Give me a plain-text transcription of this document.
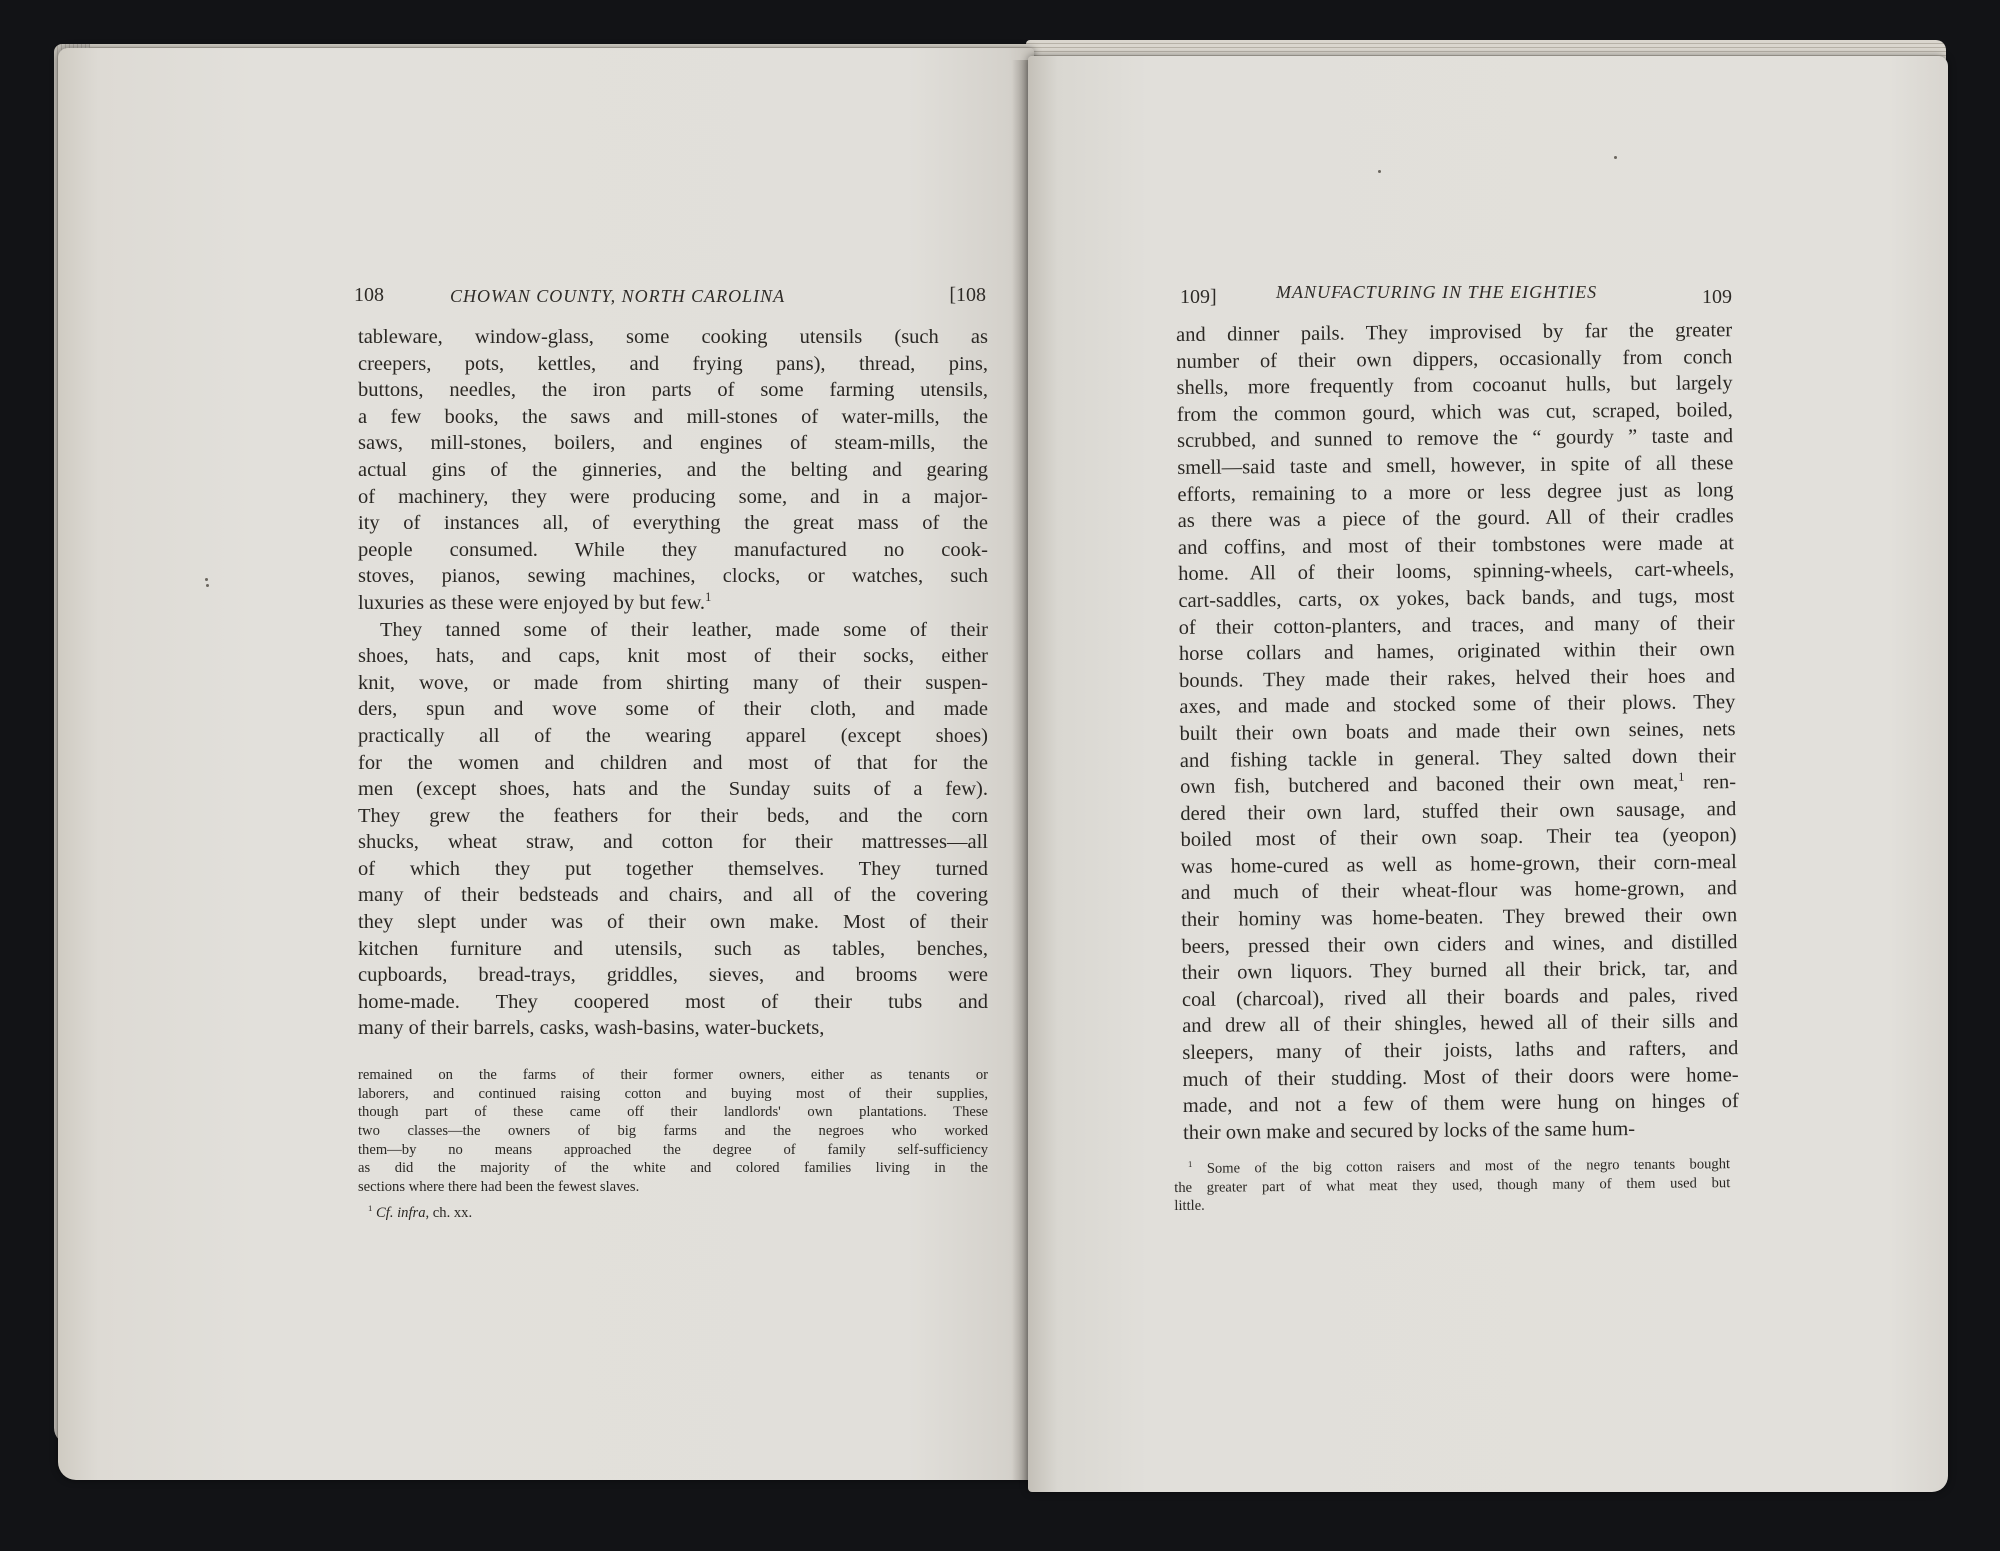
108	CHOWAN COUNTY, NORTH CAROLINA	[108
tableware, window-glass, some cooking utensils (such as
creepers, pots, kettles, and frying pans), thread, pins,
buttons, needles, the iron parts of some farming utensils,
a few books, the saws and mill-stones of water-mills, the
saws, mill-stones, boilers, and engines of steam-mills, the
actual gins of the ginneries, and the belting and gearing
of machinery, they were producing some, and in a major-
ity of instances all, of everything the great mass of the
people consumed. While they manufactured no cook-
stoves, pianos, sewing machines, clocks, or watches, such
luxuries as these were enjoyed by but few.$^1$
They tanned some of their leather, made some of their
shoes, hats, and caps, knit most of their socks, either
knit, wove, or made from shirting many of their suspen-
ders, spun and wove some of their cloth, and made
practically all of the wearing apparel (except shoes)
for the women and children and most of that for the
men (except shoes, hats and the Sunday suits of a few).
They grew the feathers for their beds, and the corn
shucks, wheat straw, and cotton for their mattresses—all
of which they put together themselves. They turned
many of their bedsteads and chairs, and all of the covering
they slept under was of their own make. Most of their
kitchen furniture and utensils, such as tables, benches,
cupboards, bread-trays, griddles, sieves, and brooms were
home-made. They coopered most of their tubs and
many of their barrels, casks, wash-basins, water-buckets,
remained on the farms of their former owners, either as tenants or
laborers, and continued raising cotton and buying most of their supplies,
though part of these came off their landlords' own plantations. These
two classes—the owners of big farms and the negroes who worked
them—by no means approached the degree of family self-sufficiency
as did the majority of the white and colored families living in the
sections where there had been the fewest slaves.
$^1$ Cf. infra, ch. xx.
109]	MANUFACTURING IN THE EIGHTIES	109
and dinner pails. They improvised by far the greater
number of their own dippers, occasionally from conch
shells, more frequently from cocoanut hulls, but largely
from the common gourd, which was cut, scraped, boiled,
scrubbed, and sunned to remove the “ gourdy ” taste and
smell—said taste and smell, however, in spite of all these
efforts, remaining to a more or less degree just as long
as there was a piece of the gourd. All of their cradles
and coffins, and most of their tombstones were made at
home. All of their looms, spinning-wheels, cart-wheels,
cart-saddles, carts, ox yokes, back bands, and tugs, most
of their cotton-planters, and traces, and many of their
horse collars and hames, originated within their own
bounds. They made their rakes, helved their hoes and
axes, and made and stocked some of their plows. They
built their own boats and made their own seines, nets
and fishing tackle in general. They salted down their
own fish, butchered and baconed their own meat,$^1$ ren-
dered their own lard, stuffed their own sausage, and
boiled most of their own soap. Their tea (yeopon)
was home-cured as well as home-grown, their corn-meal
and much of their wheat-flour was home-grown, and
their hominy was home-beaten. They brewed their own
beers, pressed their own ciders and wines, and distilled
their own liquors. They burned all their brick, tar, and
coal (charcoal), rived all their boards and pales, rived
and drew all of their shingles, hewed all of their sills and
sleepers, many of their joists, laths and rafters, and
much of their studding. Most of their doors were home-
made, and not a few of them were hung on hinges of
their own make and secured by locks of the same hum-
$^1$ Some of the big cotton raisers and most of the negro tenants bought
the greater part of what meat they used, though many of them used but
little.
